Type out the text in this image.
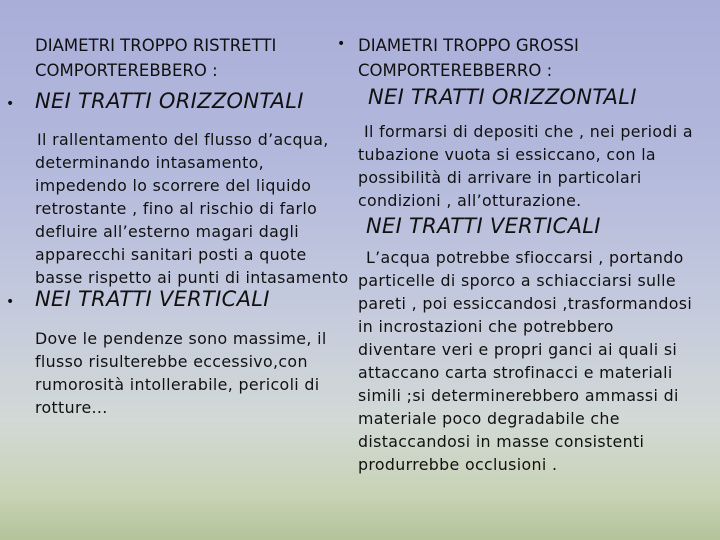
DIAMETRI TROPPO RISTRETTI
COMPORTEREBBERO :
• NEI TRATTI ORIZZONTALI
Il rallentamento del flusso d’acqua,
determinando intasamento,
impedendo lo scorrere del liquido
retrostante , fino al rischio di farlo
defluire all’esterno magari dagli
apparecchi sanitari posti a quote
basse rispetto ai punti di intasamento
• NEI TRATTI VERTICALI
Dove le pendenze sono massime, il
flusso risulterebbe eccessivo,con
rumorosità intollerabile, pericoli di
rotture...
• DIAMETRI TROPPO GROSSI
COMPORTEREBBERRO :
NEI TRATTI ORIZZONTALI
Il formarsi di depositi che , nei periodi a
tubazione vuota si essiccano, con la
possibilità di arrivare in particolari
condizioni , all’otturazione.
NEI TRATTI VERTICALI
L’acqua potrebbe sfioccarsi , portando
particelle di sporco a schiacciarsi sulle
pareti , poi essiccandosi ,trasformandosi
in incrostazioni che potrebbero
diventare veri e propri ganci ai quali si
attaccano carta strofinacci e materiali
simili ;si determinerebbero ammassi di
materiale poco degradabile che
distaccandosi in masse consistenti
produrrebbe occlusioni .
